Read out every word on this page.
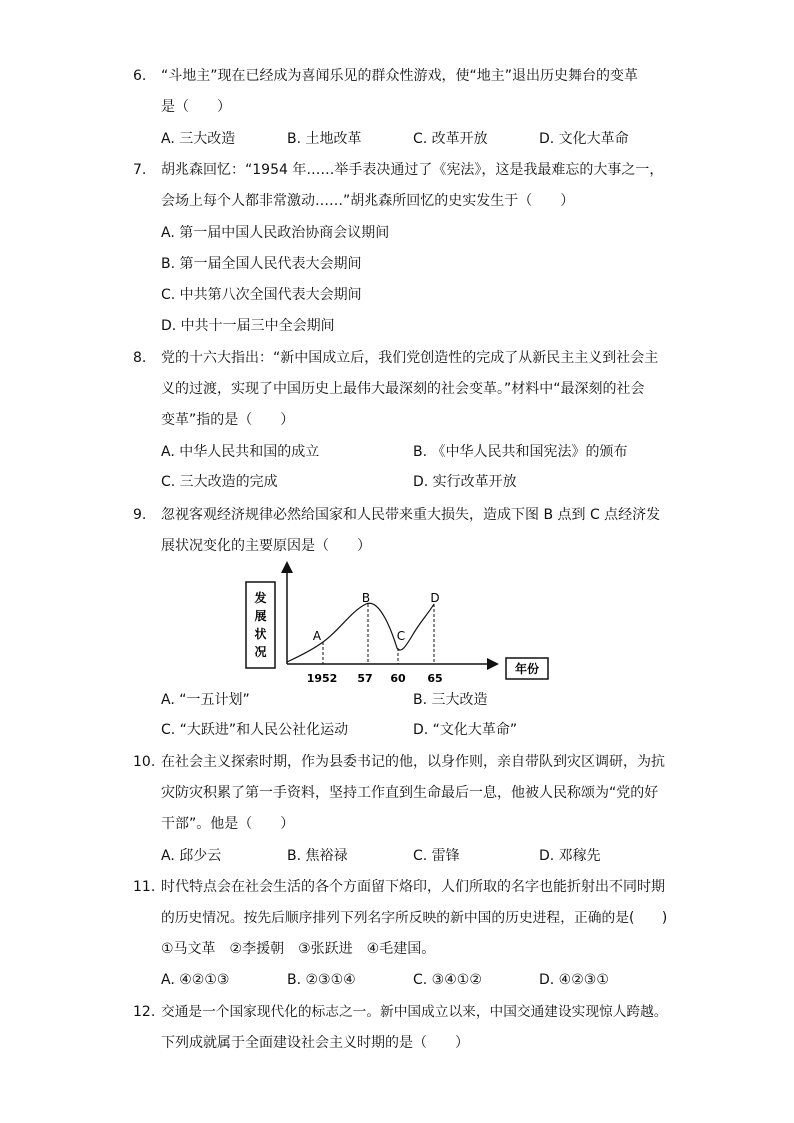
6. “斗地主”现在已经成为喜闻乐见的群众性游戏，使“地主”退出历史舞台的变革
是（　　）
A. 三大改造	B. 土地改革	C. 改革开放	D. 文化大革命
7. 胡兆森回忆：“1954 年……举手表决通过了《宪法》，这是我最难忘的大事之一，
会场上每个人都非常激动……”胡兆森所回忆的史实发生于（　　）
A. 第一届中国人民政治协商会议期间
B. 第一届全国人民代表大会期间
C. 中共第八次全国代表大会期间
D. 中共十一届三中全会期间
8. 党的十六大指出：“新中国成立后，我们党创造性的完成了从新民主主义到社会主
义的过渡，实现了中国历史上最伟大最深刻的社会变革。”材料中“最深刻的社会
变革”指的是（　　）
A. 中华人民共和国的成立	B. 《中华人民共和国宪法》的颁布
C. 三大改造的完成	D. 实行改革开放
9. 忽视客观经济规律必然给国家和人民带来重大损失，造成下图 B 点到 C 点经济发
展状况变化的主要原因是（　　）
发
展
状
况
年份
A
B
C
D
1952 57 60 65
A. “一五计划”	B. 三大改造
C. “大跃进”和人民公社化运动	D. “文化大革命”
10. 在社会主义探索时期，作为县委书记的他，以身作则，亲自带队到灾区调研，为抗
灾防灾积累了第一手资料，坚持工作直到生命最后一息，他被人民称颂为“党的好
干部”。他是（　　）
A. 邱少云	B. 焦裕禄	C. 雷锋	D. 邓稼先
11. 时代特点会在社会生活的各个方面留下烙印，人们所取的名字也能折射出不同时期
的历史情况。按先后顺序排列下列名字所反映的新中国的历史进程，正确的是(　　)
①马文革　②李援朝　③张跃进　④毛建国。
A. ④②①③	B. ②③①④	C. ③④①②	D. ④②③①
12. 交通是一个国家现代化的标志之一。新中国成立以来，中国交通建设实现惊人跨越。
下列成就属于全面建设社会主义时期的是（　　）
